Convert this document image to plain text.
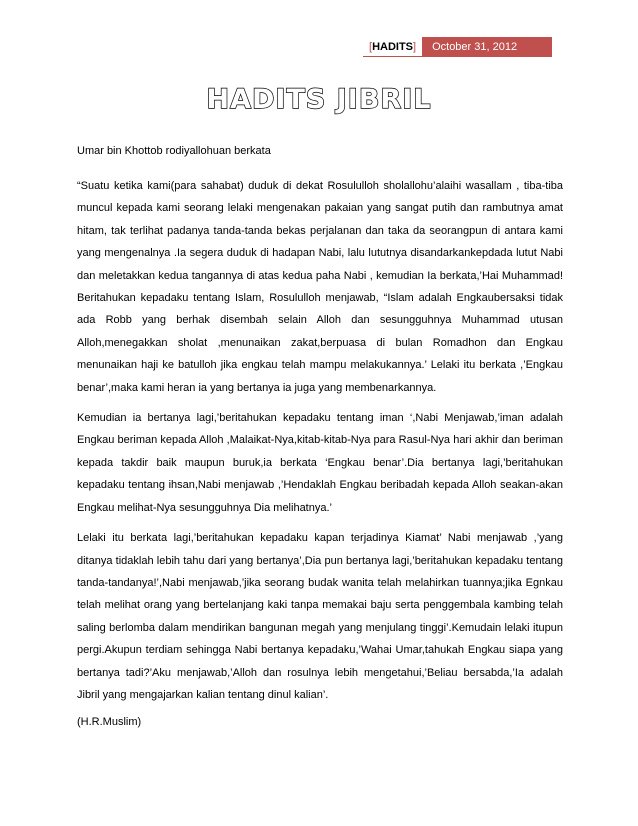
[HADITS]	October 31, 2012
HADITS JIBRIL

Umar bin Khottob rodiyallohuan berkata

“Suatu ketika kami(para sahabat) duduk di dekat Rosululloh sholallohu’alaihi wasallam , tiba-tiba muncul kepada kami seorang lelaki mengenakan pakaian yang sangat putih dan rambutnya amat hitam, tak terlihat padanya tanda-tanda bekas perjalanan dan taka da seorangpun di antara kami yang mengenalnya .Ia segera duduk di hadapan Nabi, lalu lututnya disandarkankepdada lutut Nabi dan meletakkan kedua tangannya di atas kedua paha Nabi , kemudian Ia berkata,’Hai Muhammad! Beritahukan kepadaku tentang Islam, Rosululloh menjawab, “Islam adalah Engkaubersaksi tidak ada Robb yang berhak disembah selain Alloh dan sesungguhnya Muhammad utusan Alloh,menegakkan sholat ,menunaikan zakat,berpuasa di bulan Romadhon dan Engkau menunaikan haji ke batulloh jika engkau telah mampu melakukannya.’ Lelaki itu berkata ,’Engkau benar’,maka kami heran ia yang bertanya ia juga yang membenarkannya.

Kemudian ia bertanya lagi,’beritahukan kepadaku tentang iman ‘,Nabi Menjawab,’iman adalah Engkau beriman kepada Alloh ,Malaikat-Nya,kitab-kitab-Nya para Rasul-Nya hari akhir dan beriman kepada takdir baik maupun buruk,ia berkata ‘Engkau benar’.Dia bertanya lagi,’beritahukan kepadaku tentang ihsan,Nabi menjawab ,’Hendaklah Engkau beribadah kepada Alloh seakan-akan Engkau melihat-Nya sesungguhnya Dia melihatnya.’

Lelaki itu berkata lagi,’beritahukan kepadaku kapan terjadinya Kiamat’ Nabi menjawab ,’yang ditanya tidaklah lebih tahu dari yang bertanya’,Dia pun bertanya lagi,’beritahukan kepadaku tentang tanda-tandanya!’,Nabi menjawab,’jika seorang budak wanita telah melahirkan tuannya;jika Egnkau telah melihat orang yang bertelanjang kaki tanpa memakai baju serta penggembala kambing telah saling berlomba dalam mendirikan bangunan megah yang menjulang tinggi’.Kemudain lelaki itupun pergi.Akupun terdiam sehingga Nabi bertanya kepadaku,’Wahai Umar,tahukah Engkau siapa yang bertanya tadi?’Aku menjawab,’Alloh dan rosulnya lebih mengetahui,’Beliau bersabda,’Ia adalah Jibril yang mengajarkan kalian tentang dinul kalian’.

(H.R.Muslim)
